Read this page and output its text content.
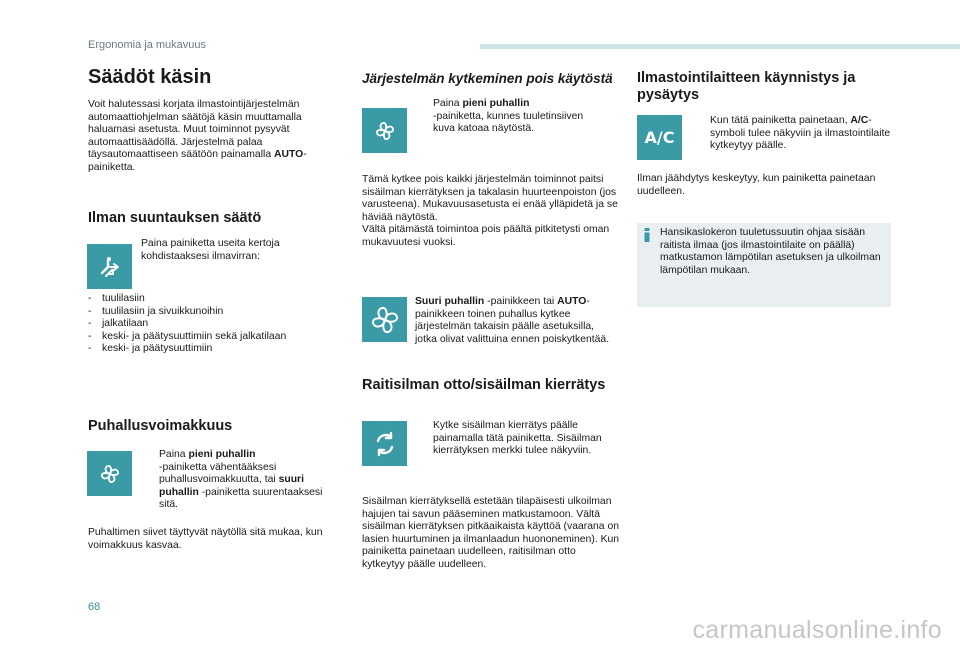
Ergonomia ja mukavuus
Säädöt käsin
Voit halutessasi korjata ilmastointijärjestelmän automaattiohjelman säätöjä käsin muuttamalla haluamasi asetusta. Muut toiminnot pysyvät automaattisäädöllä. Järjestelmä palaa täysautomaattiseen säätöön painamalla AUTO-painiketta.
Ilman suuntauksen säätö
Paina painiketta useita kertoja kohdistaaksesi ilmavirran:
- tuulilasiin
- tuulilasiin ja sivuikkunoihin
- jalkatilaan
- keski- ja päätysuuttimiin sekä jalkatilaan
- keski- ja päätysuuttimiin
Puhallusvoimakkuus
Paina pieni puhallin
-painiketta vähentääksesi puhallusvoimakkuutta, tai suuri puhallin -painiketta suurentaaksesi sitä.
Puhaltimen siivet täyttyvät näytöllä sitä mukaa, kun voimakkuus kasvaa.
Järjestelmän kytkeminen pois käytöstä
Paina pieni puhallin
-painiketta, kunnes tuuletinsiiven kuva katoaa näytöstä.
Tämä kytkee pois kaikki järjestelmän toiminnot paitsi sisäilman kierrätyksen ja takalasin huurteenpoiston (jos varusteena). Mukavuusasetusta ei enää ylläpidetä ja se häviää näytöstä.
Vältä pitämästä toimintoa pois päältä pitkitetysti oman mukavuutesi vuoksi.
Suuri puhallin -painikkeen tai AUTO-painikkeen toinen puhallus kytkee järjestelmän takaisin päälle asetuksilla, jotka olivat valittuina ennen poiskytkentää.
Raitisilman otto/sisäilman kierrätys
Kytke sisäilman kierrätys päälle painamalla tätä painiketta. Sisäilman kierrätyksen merkki tulee näkyviin.
Sisäilman kierrätyksellä estetään tilapäisesti ulkoilman hajujen tai savun pääseminen matkustamoon. Vältä sisäilman kierrätyksen pitkäaikaista käyttöä (vaarana on lasien huurtuminen ja ilmanlaadun huononeminen). Kun painiketta painetaan uudelleen, raitisilman otto kytkeytyy päälle uudelleen.
Ilmastointilaitteen käynnistys ja pysäytys
A/C
Kun tätä painiketta painetaan, A/C-symboli tulee näkyviin ja ilmastointilaite kytkeytyy päälle.
Ilman jäähdytys keskeytyy, kun painiketta painetaan uudelleen.
Hansikaslokeron tuuletussuutin ohjaa sisään raitista ilmaa (jos ilmastointilaite on päällä) matkustamon lämpötilan asetuksen ja ulkoilman lämpötilan mukaan.
68
carmanualsonline.info
